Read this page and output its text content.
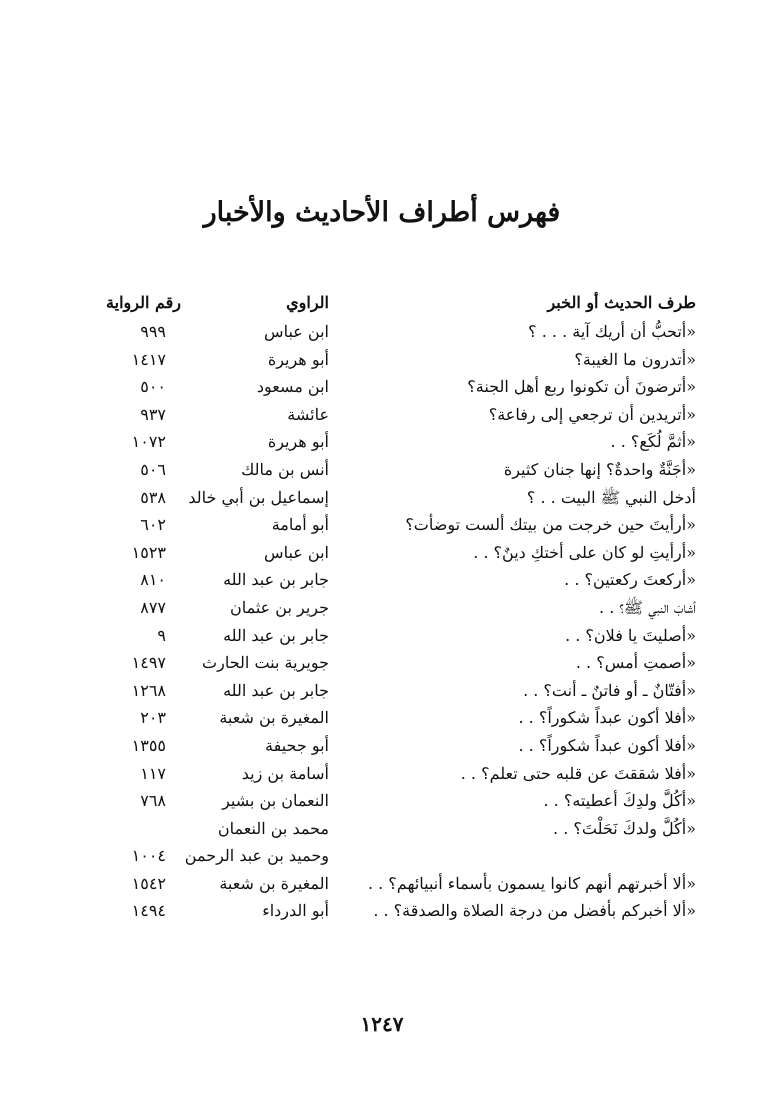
فهرس أطراف الأحاديث والأخبار
طرف الحديث أو الخبر
الراوي
رقم الرواية
«أتحبُّ أن أريك آية . . . ؟
ابن عباس
٩٩٩
«أتدرون ما الغيبة؟
أبو هريرة
١٤١٧
«أترضونَ أن تكونوا ربع أهل الجنة؟
ابن مسعود
٥٠٠
«أتريدين أن ترجعي إلى رفاعة؟
عائشة
٩٣٧
«أثمَّ لُكَع؟ . .
أبو هريرة
١٠٧٢
«أجَنَّةٌ واحدةٌ؟ إنها جنان كثيرة
أنس بن مالك
٥٠٦
أدخل النبي ﷺ البيت . . ؟
إسماعيل بن أبي خالد
٥٣٨
«أرأيتَ حين خرجت من بيتك ألست توضأت؟
أبو أمامة
٦٠٢
«أرأيتِ لو كان على أختكِ دينٌ؟ . .
ابن عباس
١٥٢٣
«أركعتَ ركعتين؟ . .
جابر بن عبد الله
٨١٠
أشابَ النبي ﷺ؟ . .
جرير بن عثمان
٨٧٧
«أصليتَ يا فلان؟ . .
جابر بن عبد الله
٩
«أصمتِ أمس؟ . .
جويرية بنت الحارث
١٤٩٧
«أفتّانٌ ـ أو فاتنٌ ـ أنت؟ . .
جابر بن عبد الله
١٢٦٨
«أفلا أكون عبداً شكوراً؟ . .
المغيرة بن شعبة
٢٠٣
«أفلا أكون عبداً شكوراً؟ . .
أبو جحيفة
١٣٥٥
«أفلا شققتَ عن قلبه حتى تعلم؟ . .
أسامة بن زيد
١١٧
«أكُلَّ ولدِكَ أعطيته؟ . .
النعمان بن بشير
٧٦٨
«أكُلَّ ولدكَ نَحَلْتَ؟ . .
محمد بن النعمان
وحميد بن عبد الرحمن
١٠٠٤
«ألا أخبرتهم أنهم كانوا يسمون بأسماء أنبيائهم؟ . .
المغيرة بن شعبة
١٥٤٢
«ألا أخبركم بأفضل من درجة الصلاة والصدقة؟ . .
أبو الدرداء
١٤٩٤
١٢٤٧
